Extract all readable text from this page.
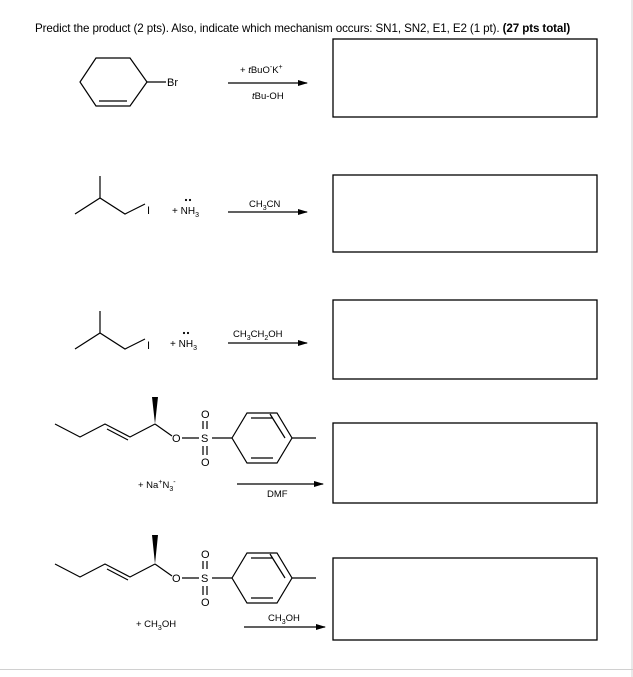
Predict the product (2 pts). Also, indicate which mechanism occurs: SN1, SN2, E1, E2 (1 pt). (27 pts total)
Br
+ tBuO-K+
tBu-OH
$I + NH_3$
$CH_3CN$
$I + NH_3$
$CH_3CH_2OH$
O S
O
O
+ $Na^+N_3^-$
DMF
O S
O
O
+ $CH_3OH$
$CH_3OH$
